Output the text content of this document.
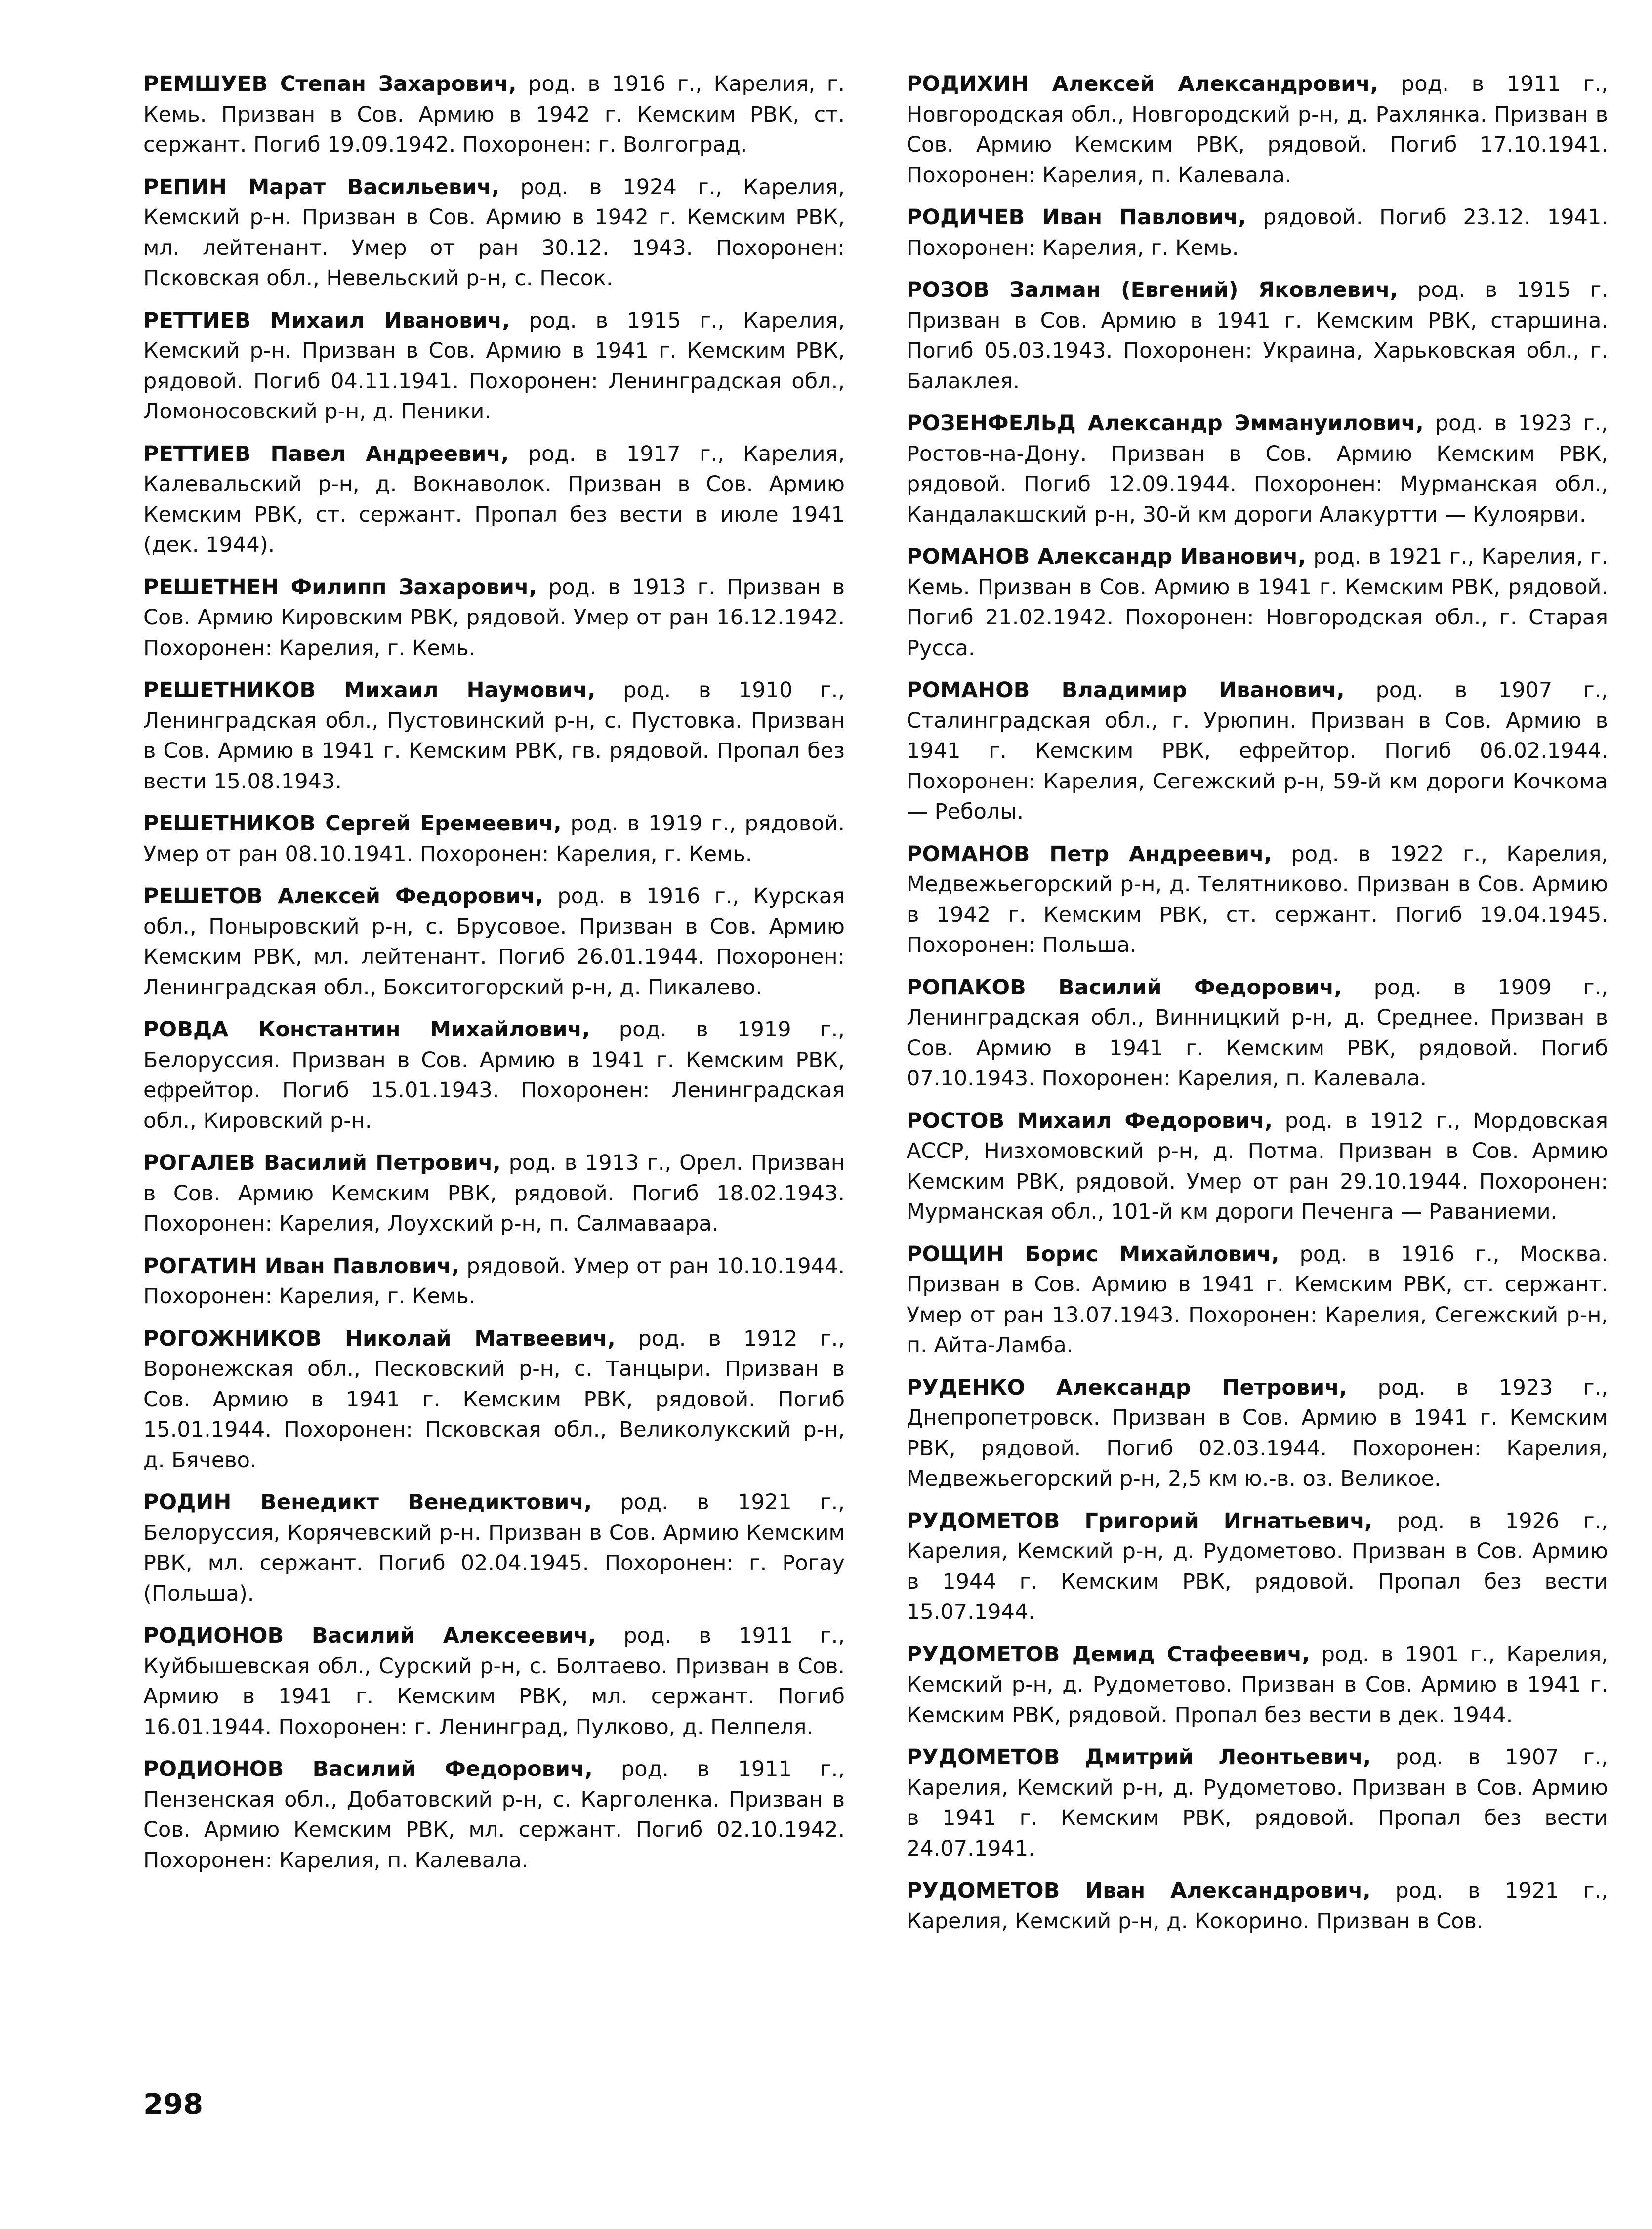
РЕМШУЕВ Степан Захарович, род. в 1916 г., Карелия, г. Кемь. Призван в Сов. Армию в 1942 г. Кемским РВК, ст. сержант. Погиб 19.09.1942. Похоронен: г. Волгоград.

РЕПИН Марат Васильевич, род. в 1924 г., Карелия, Кемский р-н. Призван в Сов. Армию в 1942 г. Кемским РВК, мл. лейтенант. Умер от ран 30.12. 1943. Похоронен: Псковская обл., Невельский р-н, с. Песок.

РЕТТИЕВ Михаил Иванович, род. в 1915 г., Карелия, Кемский р-н. Призван в Сов. Армию в 1941 г. Кемским РВК, рядовой. Погиб 04.11.1941. Похоронен: Ленинградская обл., Ломоносовский р-н, д. Пеники.

РЕТТИЕВ Павел Андреевич, род. в 1917 г., Карелия, Калевальский р-н, д. Вокнаволок. Призван в Сов. Армию Кемским РВК, ст. сержант. Пропал без вести в июле 1941 (дек. 1944).

РЕШЕТНЕН Филипп Захарович, род. в 1913 г. Призван в Сов. Армию Кировским РВК, рядовой. Умер от ран 16.12.1942. Похоронен: Карелия, г. Кемь.

РЕШЕТНИКОВ Михаил Наумович, род. в 1910 г., Ленинградская обл., Пустовинский р-н, с. Пустовка. Призван в Сов. Армию в 1941 г. Кемским РВК, гв. рядовой. Пропал без вести 15.08.1943.

РЕШЕТНИКОВ Сергей Еремеевич, род. в 1919 г., рядовой. Умер от ран 08.10.1941. Похоронен: Карелия, г. Кемь.

РЕШЕТОВ Алексей Федорович, род. в 1916 г., Курская обл., Поныровский р-н, с. Брусовое. Призван в Сов. Армию Кемским РВК, мл. лейтенант. Погиб 26.01.1944. Похоронен: Ленинградская обл., Бокситогорский р-н, д. Пикалево.

РОВДА Константин Михайлович, род. в 1919 г., Белоруссия. Призван в Сов. Армию в 1941 г. Кемским РВК, ефрейтор. Погиб 15.01.1943. Похоронен: Ленинградская обл., Кировский р-н.

РОГАЛЕВ Василий Петрович, род. в 1913 г., Орел. Призван в Сов. Армию Кемским РВК, рядовой. Погиб 18.02.1943. Похоронен: Карелия, Лоухский р-н, п. Салмаваара.

РОГАТИН Иван Павлович, рядовой. Умер от ран 10.10.1944. Похоронен: Карелия, г. Кемь.

РОГОЖНИКОВ Николай Матвеевич, род. в 1912 г., Воронежская обл., Песковский р-н, с. Танцыри. Призван в Сов. Армию в 1941 г. Кемским РВК, рядовой. Погиб 15.01.1944. Похоронен: Псковская обл., Великолукский р-н, д. Бячево.

РОДИН Венедикт Венедиктович, род. в 1921 г., Белоруссия, Корячевский р-н. Призван в Сов. Армию Кемским РВК, мл. сержант. Погиб 02.04.1945. Похоронен: г. Рогау (Польша).

РОДИОНОВ Василий Алексеевич, род. в 1911 г., Куйбышевская обл., Сурский р-н, с. Болтаево. Призван в Сов. Армию в 1941 г. Кемским РВК, мл. сержант. Погиб 16.01.1944. Похоронен: г. Ленинград, Пулково, д. Пелпеля.

РОДИОНОВ Василий Федорович, род. в 1911 г., Пензенская обл., Добатовский р-н, с. Карголенка. Призван в Сов. Армию Кемским РВК, мл. сержант. Погиб 02.10.1942. Похоронен: Карелия, п. Калевала.

РОДИХИН Алексей Александрович, род. в 1911 г., Новгородская обл., Новгородский р-н, д. Рахлянка. Призван в Сов. Армию Кемским РВК, рядовой. Погиб 17.10.1941. Похоронен: Карелия, п. Калевала.

РОДИЧЕВ Иван Павлович, рядовой. Погиб 23.12. 1941. Похоронен: Карелия, г. Кемь.

РОЗОВ Залман (Евгений) Яковлевич, род. в 1915 г. Призван в Сов. Армию в 1941 г. Кемским РВК, старшина. Погиб 05.03.1943. Похоронен: Украина, Харьковская обл., г. Балаклея.

РОЗЕНФЕЛЬД Александр Эммануилович, род. в 1923 г., Ростов-на-Дону. Призван в Сов. Армию Кемским РВК, рядовой. Погиб 12.09.1944. Похоронен: Мурманская обл., Кандалакшский р-н, 30-й км дороги Алакуртти — Кулоярви.

РОМАНОВ Александр Иванович, род. в 1921 г., Карелия, г. Кемь. Призван в Сов. Армию в 1941 г. Кемским РВК, рядовой. Погиб 21.02.1942. Похоронен: Новгородская обл., г. Старая Русса.

РОМАНОВ Владимир Иванович, род. в 1907 г., Сталинградская обл., г. Урюпин. Призван в Сов. Армию в 1941 г. Кемским РВК, ефрейтор. Погиб 06.02.1944. Похоронен: Карелия, Сегежский р-н, 59-й км дороги Кочкома — Реболы.

РОМАНОВ Петр Андреевич, род. в 1922 г., Карелия, Медвежьегорский р-н, д. Телятниково. Призван в Сов. Армию в 1942 г. Кемским РВК, ст. сержант. Погиб 19.04.1945. Похоронен: Польша.

РОПАКОВ Василий Федорович, род. в 1909 г., Ленинградская обл., Винницкий р-н, д. Среднее. Призван в Сов. Армию в 1941 г. Кемским РВК, рядовой. Погиб 07.10.1943. Похоронен: Карелия, п. Калевала.

РОСТОВ Михаил Федорович, род. в 1912 г., Мордовская АССР, Низхомовский р-н, д. Потма. Призван в Сов. Армию Кемским РВК, рядовой. Умер от ран 29.10.1944. Похоронен: Мурманская обл., 101-й км дороги Печенга — Раваниеми.

РОЩИН Борис Михайлович, род. в 1916 г., Москва. Призван в Сов. Армию в 1941 г. Кемским РВК, ст. сержант. Умер от ран 13.07.1943. Похоронен: Карелия, Сегежский р-н, п. Айта-Ламба.

РУДЕНКО Александр Петрович, род. в 1923 г., Днепропетровск. Призван в Сов. Армию в 1941 г. Кемским РВК, рядовой. Погиб 02.03.1944. Похоронен: Карелия, Медвежьегорский р-н, 2,5 км ю.-в. оз. Великое.

РУДОМЕТОВ Григорий Игнатьевич, род. в 1926 г., Карелия, Кемский р-н, д. Рудометово. Призван в Сов. Армию в 1944 г. Кемским РВК, рядовой. Пропал без вести 15.07.1944.

РУДОМЕТОВ Демид Стафеевич, род. в 1901 г., Карелия, Кемский р-н, д. Рудометово. Призван в Сов. Армию в 1941 г. Кемским РВК, рядовой. Пропал без вести в дек. 1944.

РУДОМЕТОВ Дмитрий Леонтьевич, род. в 1907 г., Карелия, Кемский р-н, д. Рудометово. Призван в Сов. Армию в 1941 г. Кемским РВК, рядовой. Пропал без вести 24.07.1941.

РУДОМЕТОВ Иван Александрович, род. в 1921 г., Карелия, Кемский р-н, д. Кокорино. Призван в Сов.

298
